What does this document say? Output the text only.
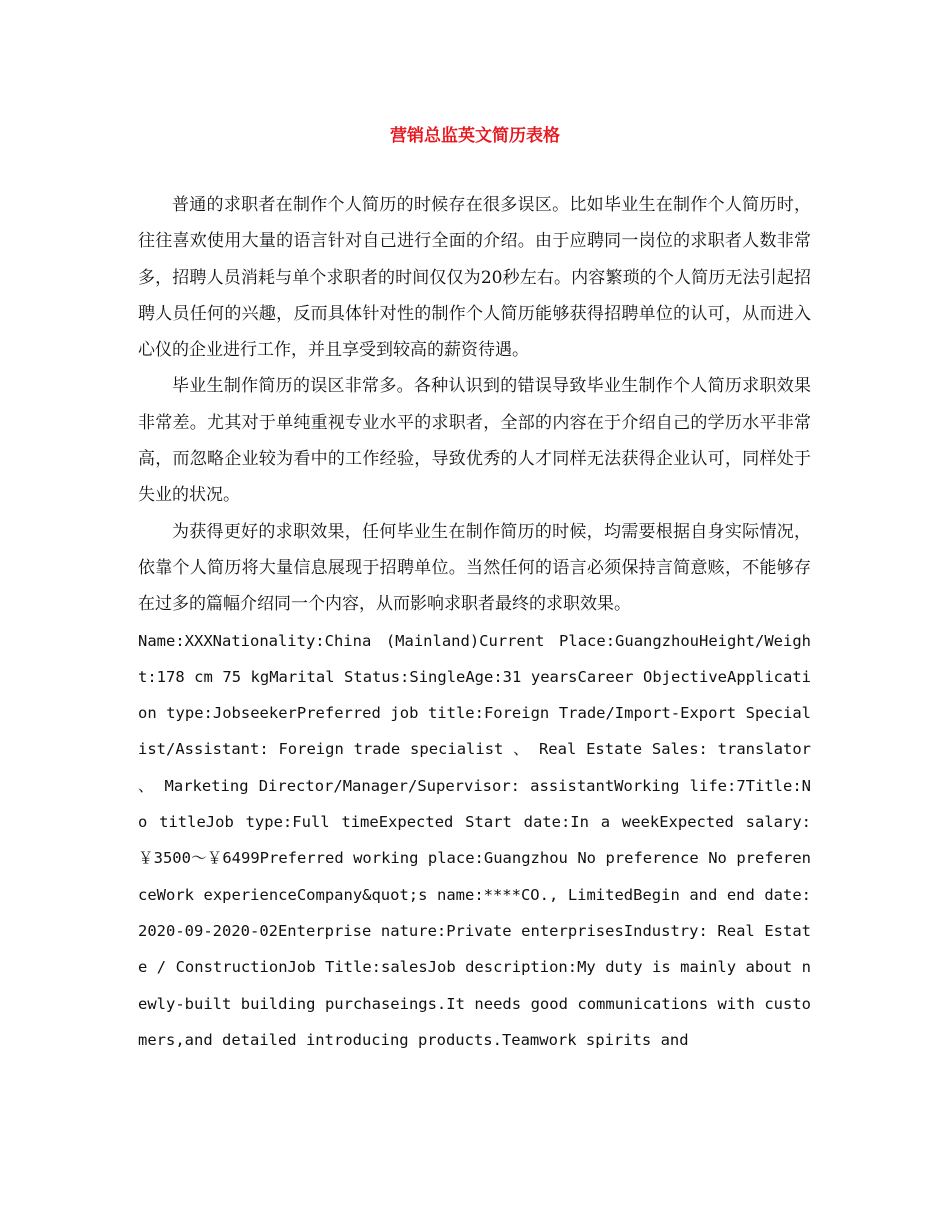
营销总监英文简历表格

普通的求职者在制作个人简历的时候存在很多误区。比如毕业生在制作个人简历时，往往喜欢使用大量的语言针对自己进行全面的介绍。由于应聘同一岗位的求职者人数非常多，招聘人员消耗与单个求职者的时间仅仅为20秒左右。内容繁琐的个人简历无法引起招聘人员任何的兴趣，反而具体针对性的制作个人简历能够获得招聘单位的认可，从而进入心仪的企业进行工作，并且享受到较高的薪资待遇。

毕业生制作简历的误区非常多。各种认识到的错误导致毕业生制作个人简历求职效果非常差。尤其对于单纯重视专业水平的求职者，全部的内容在于介绍自己的学历水平非常高，而忽略企业较为看中的工作经验，导致优秀的人才同样无法获得企业认可，同样处于失业的状况。

为获得更好的求职效果，任何毕业生在制作简历的时候，均需要根据自身实际情况，依靠个人简历将大量信息展现于招聘单位。当然任何的语言必须保持言简意赅，不能够存在过多的篇幅介绍同一个内容，从而影响求职者最终的求职效果。

Name:XXXNationality:China (Mainland)Current Place:GuangzhouHeight/Weight:178 cm 75 kgMarital Status:SingleAge:31 yearsCareer ObjectiveApplication type:JobseekerPreferred job title:Foreign Trade/Import-Export Specialist/Assistant: Foreign trade specialist 、 Real Estate Sales: translator 、 Marketing Director/Manager/Supervisor: assistantWorking life:7Title:No titleJob type:Full timeExpected Start date:In a weekExpected salary:￥3500～￥6499Preferred working place:Guangzhou No preference No preferenceWork experienceCompany&quot;s name:****CO., LimitedBegin and end date: 2020-09-2020-02Enterprise nature:Private enterprisesIndustry: Real Estate / ConstructionJob Title:salesJob description:My duty is mainly about newly-built building purchaseings.It needs good communications with customers,and detailed introducing products.Teamwork spirits and
